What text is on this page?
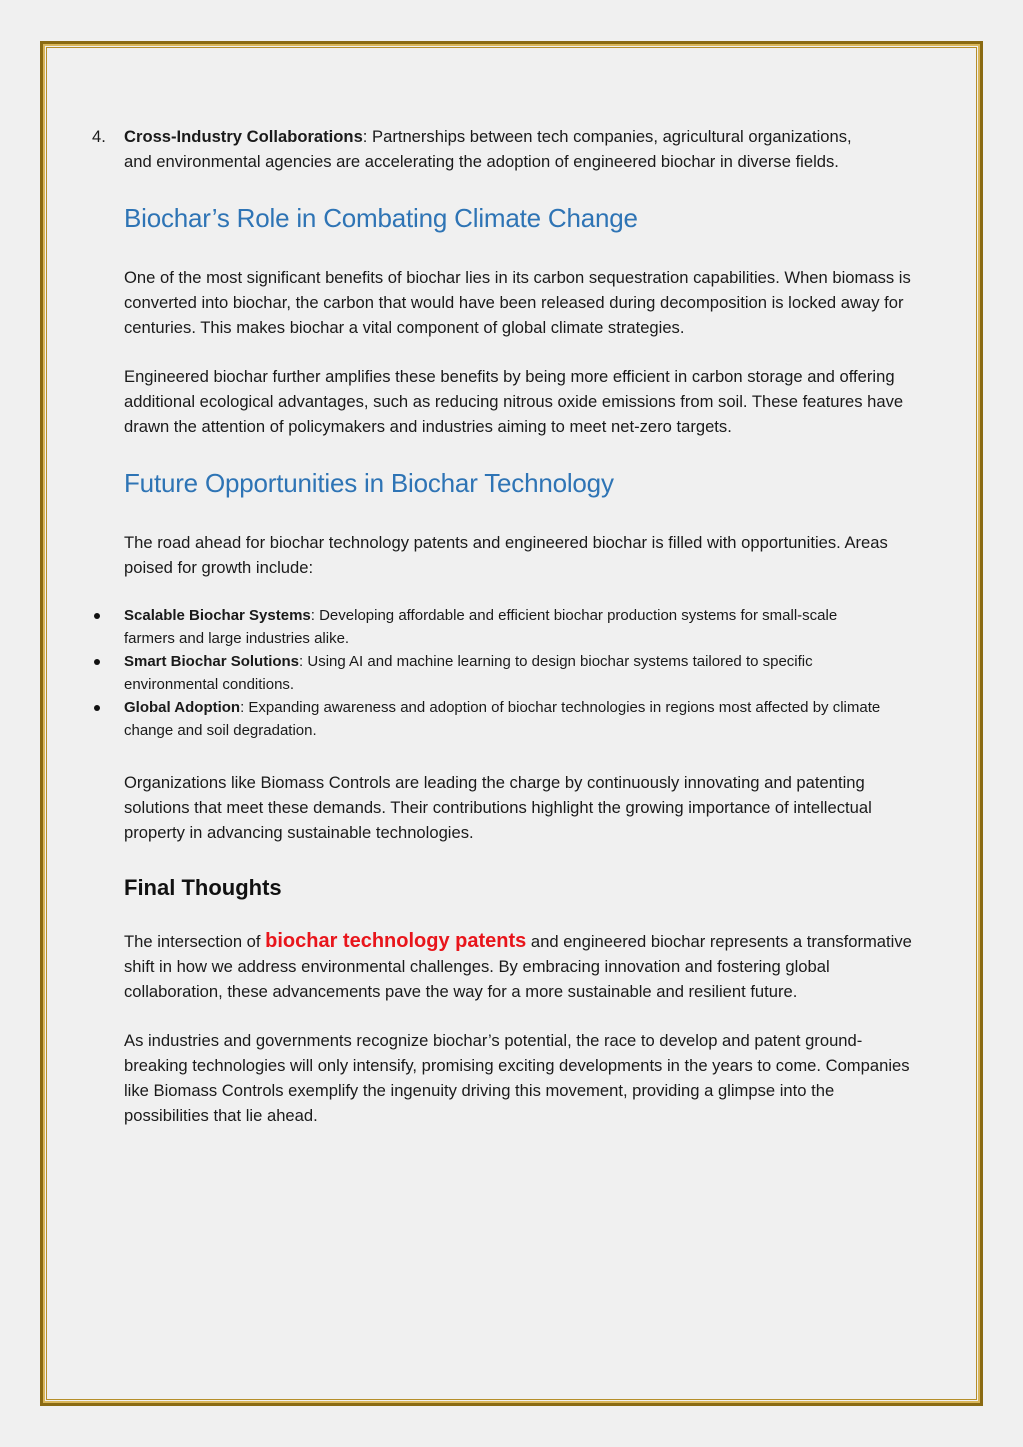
4. Cross-Industry Collaborations: Partnerships between tech companies, agricultural organizations, and environmental agencies are accelerating the adoption of engineered biochar in diverse fields.
Biochar’s Role in Combating Climate Change

One of the most significant benefits of biochar lies in its carbon sequestration capabilities. When biomass is converted into biochar, the carbon that would have been released during decomposition is locked away for centuries. This makes biochar a vital component of global climate strategies.

Engineered biochar further amplifies these benefits by being more efficient in carbon storage and offering additional ecological advantages, such as reducing nitrous oxide emissions from soil. These features have drawn the attention of policymakers and industries aiming to meet net-zero targets.

Future Opportunities in Biochar Technology

The road ahead for biochar technology patents and engineered biochar is filled with opportunities. Areas poised for growth include:

Scalable Biochar Systems: Developing affordable and efficient biochar production systems for small-scale farmers and large industries alike.
Smart Biochar Solutions: Using AI and machine learning to design biochar systems tailored to specific environmental conditions.
Global Adoption: Expanding awareness and adoption of biochar technologies in regions most affected by climate change and soil degradation.

Organizations like Biomass Controls are leading the charge by continuously innovating and patenting solutions that meet these demands. Their contributions highlight the growing importance of intellectual property in advancing sustainable technologies.

Final Thoughts

The intersection of biochar technology patents and engineered biochar represents a transformative shift in how we address environmental challenges. By embracing innovation and fostering global collaboration, these advancements pave the way for a more sustainable and resilient future.

As industries and governments recognize biochar’s potential, the race to develop and patent ground-breaking technologies will only intensify, promising exciting developments in the years to come. Companies like Biomass Controls exemplify the ingenuity driving this movement, providing a glimpse into the possibilities that lie ahead.
